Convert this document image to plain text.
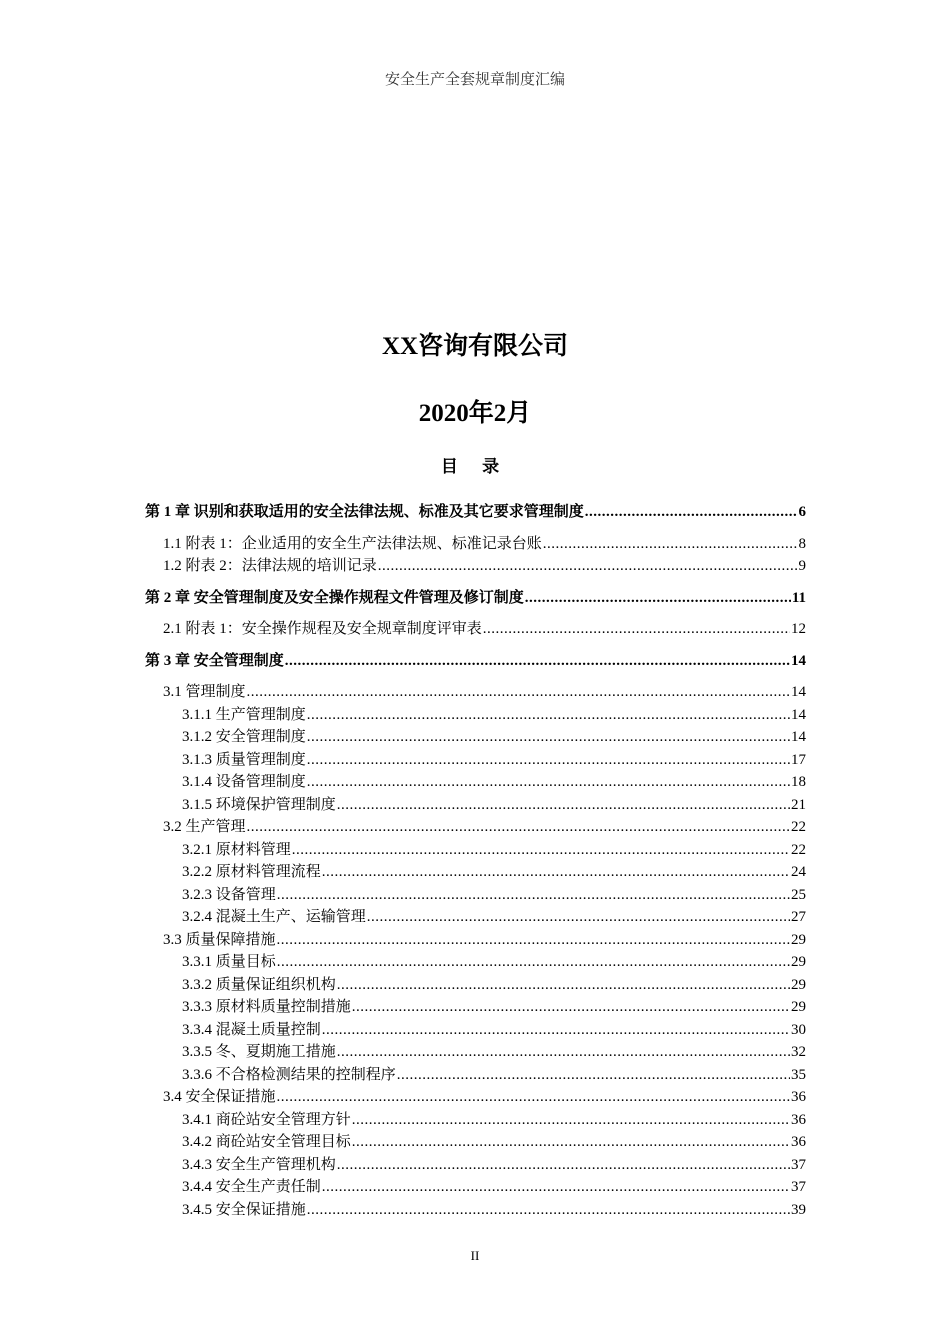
安全生产全套规章制度汇编
XX咨询有限公司
2020年2月
目 录
第 1 章 识别和获取适用的安全法律法规、标准及其它要求管理制度 .....	6
1.1 附表 1：企业适用的安全生产法律法规、标准记录台账 .....	8
1.2 附表 2：法律法规的培训记录 .....	9
第 2 章 安全管理制度及安全操作规程文件管理及修订制度 .....	11
2.1 附表 1：安全操作规程及安全规章制度评审表 .....	12
第 3 章 安全管理制度 .....	14
3.1 管理制度 .....	14
3.1.1 生产管理制度 .....	14
3.1.2 安全管理制度 .....	14
3.1.3 质量管理制度 .....	17
3.1.4 设备管理制度 .....	18
3.1.5 环境保护管理制度 .....	21
3.2 生产管理 .....	22
3.2.1 原材料管理 .....	22
3.2.2 原材料管理流程 .....	24
3.2.3 设备管理 .....	25
3.2.4 混凝土生产、运输管理 .....	27
3.3 质量保障措施 .....	29
3.3.1 质量目标 .....	29
3.3.2 质量保证组织机构 .....	29
3.3.3 原材料质量控制措施 .....	29
3.3.4 混凝土质量控制 .....	30
3.3.5 冬、夏期施工措施 .....	32
3.3.6 不合格检测结果的控制程序 .....	35
3.4 安全保证措施 .....	36
3.4.1 商砼站安全管理方针 .....	36
3.4.2 商砼站安全管理目标 .....	36
3.4.3 安全生产管理机构 .....	37
3.4.4 安全生产责任制 .....	37
3.4.5 安全保证措施 .....	39
II
